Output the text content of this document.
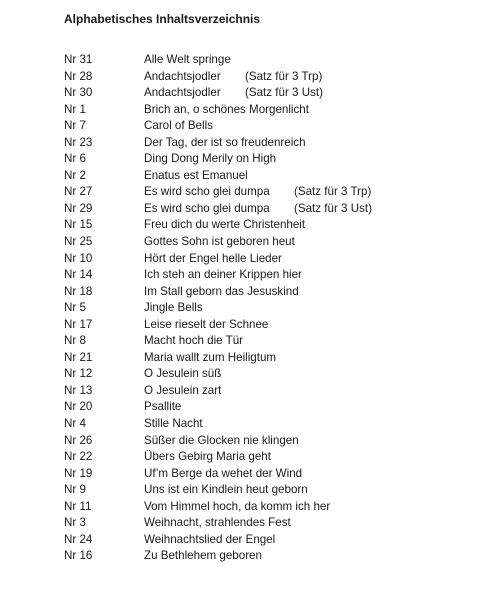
Alphabetisches Inhaltsverzeichnis
Nr 31	Alle Welt springe
Nr 28	Andachtsjodler (Satz für 3 Trp)
Nr 30	Andachtsjodler (Satz für 3 Ust)
Nr 1	Brich an, o schönes Morgenlicht
Nr 7	Carol of Bells
Nr 23	Der Tag, der ist so freudenreich
Nr 6	Ding Dong Merily on High
Nr 2	Enatus est Emanuel
Nr 27	Es wird scho glei dumpa (Satz für 3 Trp)
Nr 29	Es wird scho glei dumpa (Satz für 3 Ust)
Nr 15	Freu dich du werte Christenheit
Nr 25	Gottes Sohn ist geboren heut
Nr 10	Hört der Engel helle Lieder
Nr 14	Ich steh an deiner Krippen hier
Nr 18	Im Stall geborn das Jesuskind
Nr 5	Jingle Bells
Nr 17	Leise rieselt der Schnee
Nr 8	Macht hoch die Tür
Nr 21	Maria wallt zum Heiligtum
Nr 12	O Jesulein süß
Nr 13	O Jesulein zart
Nr 20	Psallite
Nr 4	Stille Nacht
Nr 26	Süßer die Glocken nie klingen
Nr 22	Übers Gebirg Maria geht
Nr 19	Uf’m Berge da wehet der Wind
Nr 9	Uns ist ein Kindlein heut geborn
Nr 11	Vom Himmel hoch, da komm ich her
Nr 3	Weihnacht, strahlendes Fest
Nr 24	Weihnachtslied der Engel
Nr 16	Zu Bethlehem geboren
